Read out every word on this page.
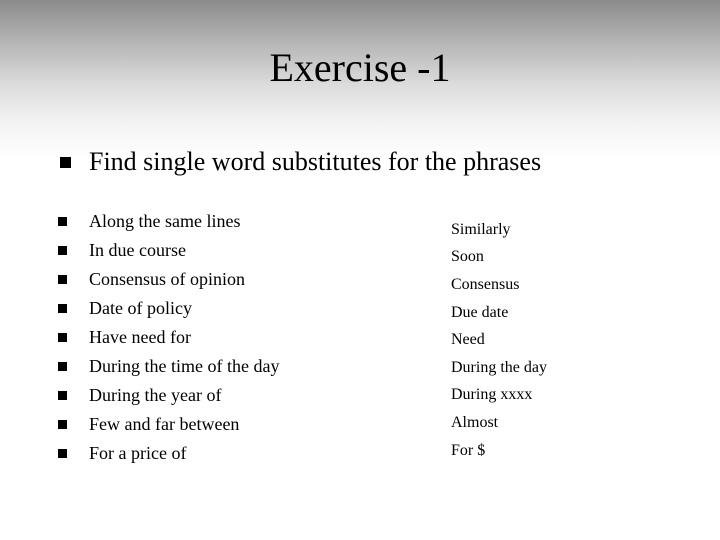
Exercise -1
Find single word substitutes for the phrases
Along the same lines
In due course
Consensus of opinion
Date of policy
Have need for
During the time of the day
During the year of
Few and far between
For a price of
Similarly
Soon
Consensus
Due date
Need
During the day
During xxxx
Almost
For $
